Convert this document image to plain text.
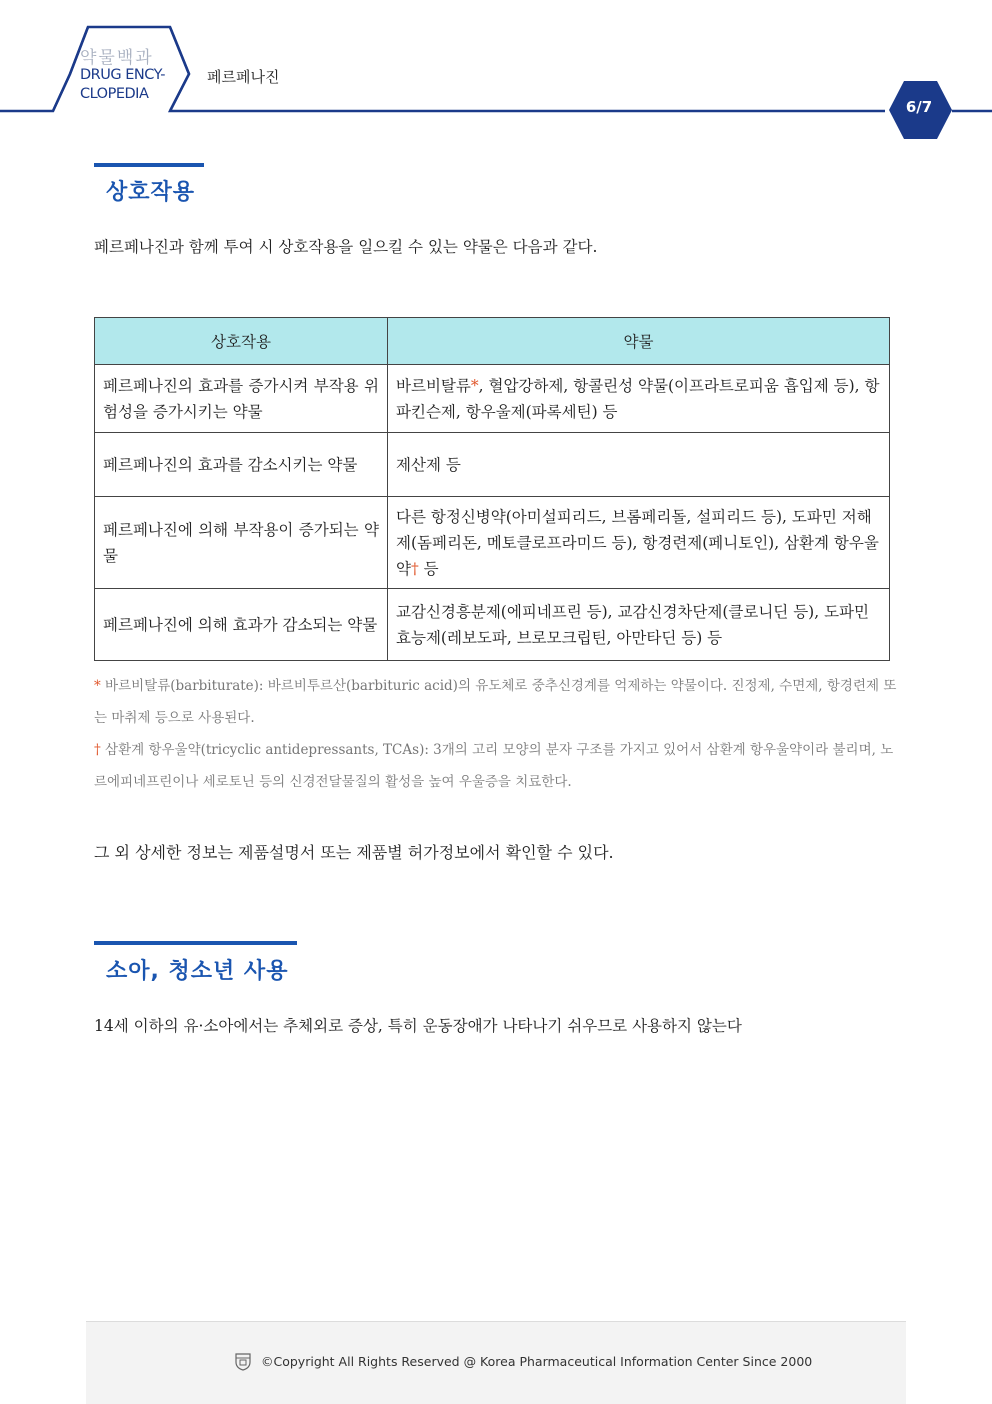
약물백과
DRUG ENCY-
CLOPEDIA
페르페나진
6/7
상호작용
페르페나진과 함께 투여 시 상호작용을 일으킬 수 있는 약물은 다음과 같다.
상호작용	약물
페르페나진의 효과를 증가시켜 부작용 위험성을 증가시키는 약물	바르비탈류*, 혈압강하제, 항콜린성 약물(이프라트로피움 흡입제 등), 항파킨슨제, 항우울제(파록세틴) 등
페르페나진의 효과를 감소시키는 약물	제산제 등
페르페나진에 의해 부작용이 증가되는 약물	다른 항정신병약(아미설피리드, 브롬페리돌, 설피리드 등), 도파민 저해제(돔페리돈, 메토클로프라미드 등), 항경련제(페니토인), 삼환계 항우울약† 등
페르페나진에 의해 효과가 감소되는 약물	교감신경흥분제(에피네프린 등), 교감신경차단제(클로니딘 등), 도파민 효능제(레보도파, 브로모크립틴, 아만타딘 등) 등

* 바르비탈류(barbiturate): 바르비투르산(barbituric acid)의 유도체로 중추신경계를 억제하는 약물이다. 진정제, 수면제, 항경련제 또는 마취제 등으로 사용된다.

† 삼환계 항우울약(tricyclic antidepressants, TCAs): 3개의 고리 모양의 분자 구조를 가지고 있어서 삼환계 항우울약이라 불리며, 노르에피네프린이나 세로토닌 등의 신경전달물질의 활성을 높여 우울증을 치료한다.

그 외 상세한 정보는 제품설명서 또는 제품별 허가정보에서 확인할 수 있다.
소아, 청소년 사용
14세 이하의 유·소아에서는 추체외로 증상, 특히 운동장애가 나타나기 쉬우므로 사용하지 않는다
©Copyright All Rights Reserved @ Korea Pharmaceutical Information Center Since 2000
